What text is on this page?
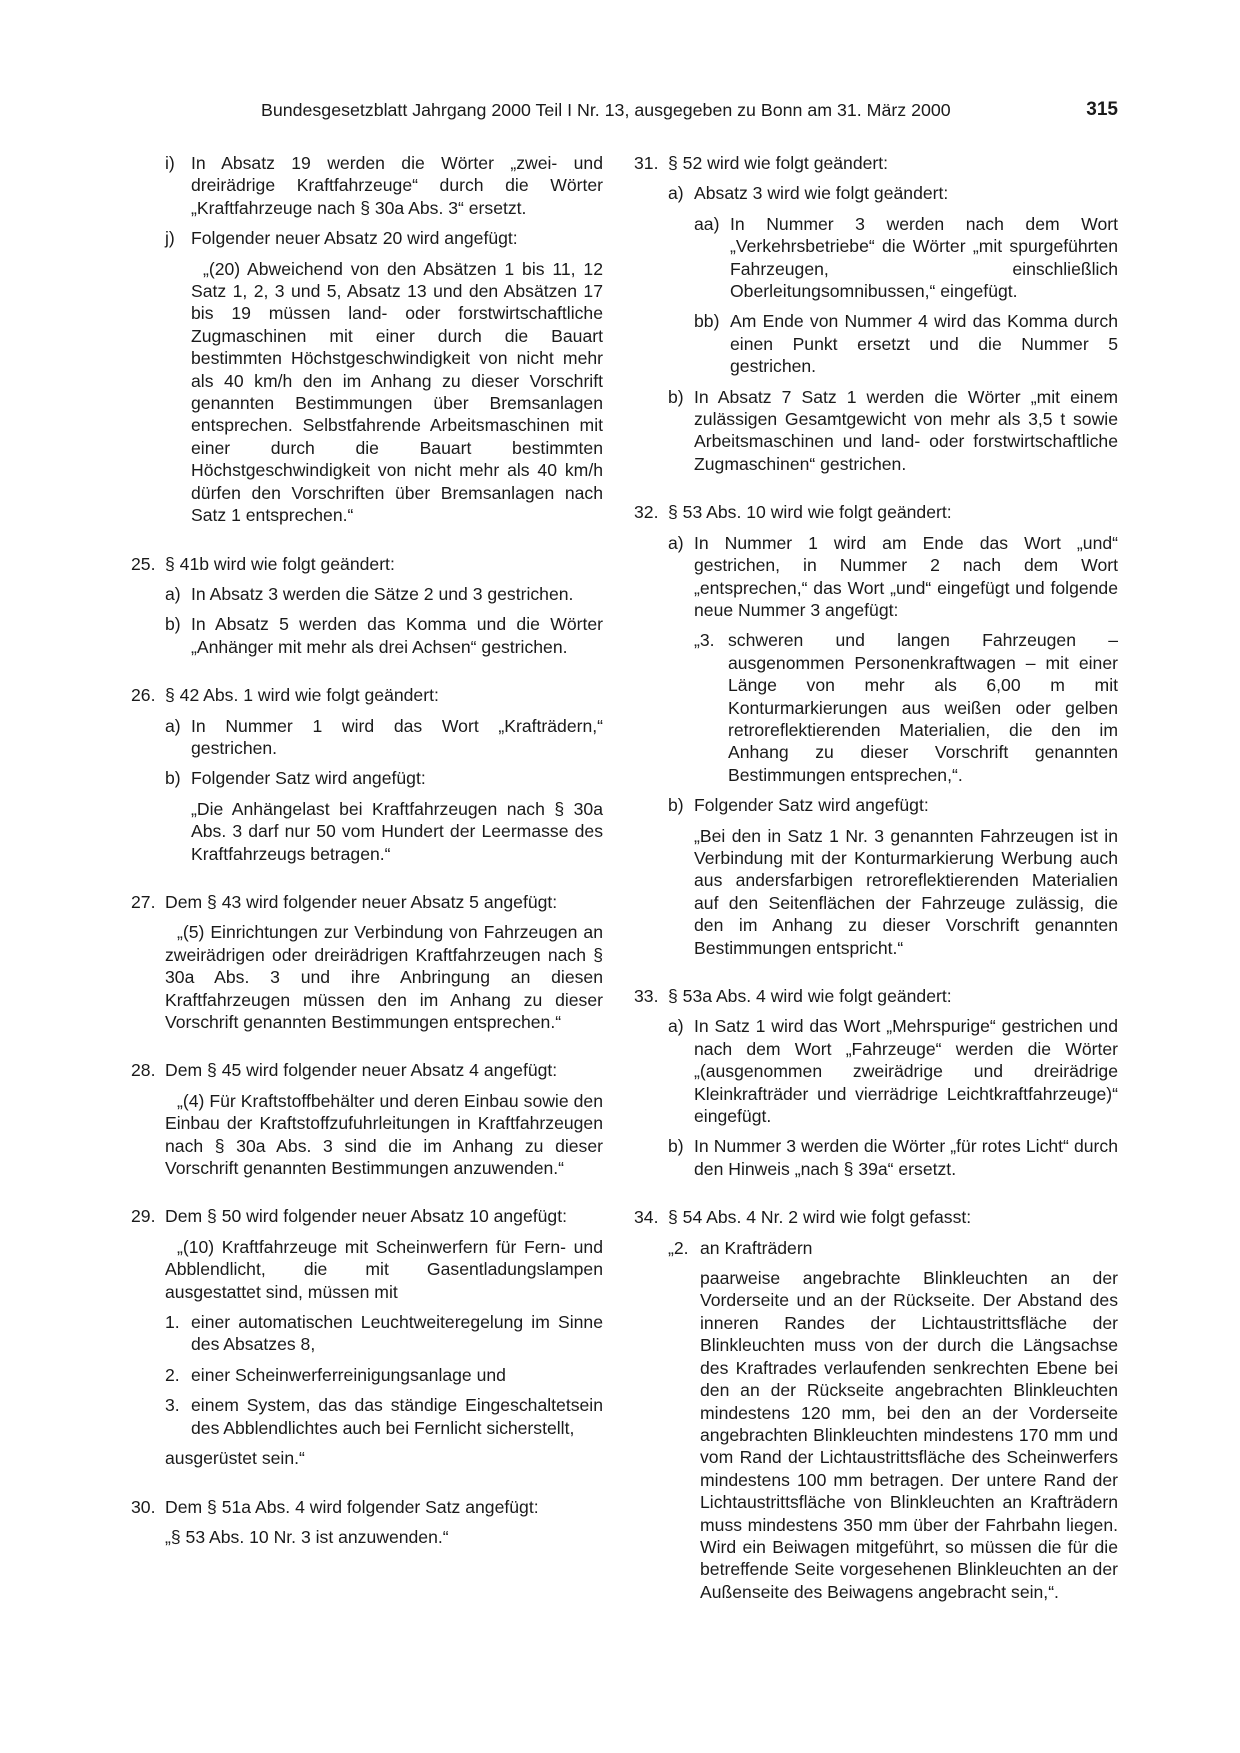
Bundesgesetzblatt Jahrgang 2000 Teil I Nr. 13, ausgegeben zu Bonn am 31. März 2000	315
i) In Absatz 19 werden die Wörter „zwei- und dreirädrige Kraftfahrzeuge“ durch die Wörter „Kraftfahrzeuge nach § 30a Abs. 3“ ersetzt.
j) Folgender neuer Absatz 20 wird angefügt:

„(20) Abweichend von den Absätzen 1 bis 11, 12 Satz 1, 2, 3 und 5, Absatz 13 und den Absätzen 17 bis 19 müssen land- oder forstwirtschaftliche Zugmaschinen mit einer durch die Bauart bestimmten Höchstgeschwindigkeit von nicht mehr als 40 km/h den im Anhang zu dieser Vorschrift genannten Bestimmungen über Bremsanlagen entsprechen. Selbstfahrende Arbeitsmaschinen mit einer durch die Bauart bestimmten Höchstgeschwindigkeit von nicht mehr als 40 km/h dürfen den Vorschriften über Bremsanlagen nach Satz 1 entsprechen.“

25. § 41b wird wie folgt geändert:
a) In Absatz 3 werden die Sätze 2 und 3 gestrichen.
b) In Absatz 5 werden das Komma und die Wörter „Anhänger mit mehr als drei Achsen“ gestrichen.
26. § 42 Abs. 1 wird wie folgt geändert:
a) In Nummer 1 wird das Wort „Krafträdern,“ gestrichen.
b) Folgender Satz wird angefügt:

„Die Anhängelast bei Kraftfahrzeugen nach § 30a Abs. 3 darf nur 50 vom Hundert der Leermasse des Kraftfahrzeugs betragen.“

27. Dem § 43 wird folgender neuer Absatz 5 angefügt:

„(5) Einrichtungen zur Verbindung von Fahrzeugen an zweirädrigen oder dreirädrigen Kraftfahrzeugen nach § 30a Abs. 3 und ihre Anbringung an diesen Kraftfahrzeugen müssen den im Anhang zu dieser Vorschrift genannten Bestimmungen entsprechen.“

28. Dem § 45 wird folgender neuer Absatz 4 angefügt:

„(4) Für Kraftstoffbehälter und deren Einbau sowie den Einbau der Kraftstoffzufuhrleitungen in Kraftfahrzeugen nach § 30a Abs. 3 sind die im Anhang zu dieser Vorschrift genannten Bestimmungen anzuwenden.“

29. Dem § 50 wird folgender neuer Absatz 10 angefügt:

„(10) Kraftfahrzeuge mit Scheinwerfern für Fern- und Abblendlicht, die mit Gasentladungslampen ausgestattet sind, müssen mit

1. einer automatischen Leuchtweiteregelung im Sinne des Absatzes 8,
2. einer Scheinwerferreinigungsanlage und
3. einem System, das das ständige Eingeschaltetsein des Abblendlichtes auch bei Fernlicht sicherstellt,

ausgerüstet sein.“

30. Dem § 51a Abs. 4 wird folgender Satz angefügt:

„§ 53 Abs. 10 Nr. 3 ist anzuwenden.“

31. § 52 wird wie folgt geändert:
a) Absatz 3 wird wie folgt geändert:
aa) In Nummer 3 werden nach dem Wort „Verkehrsbetriebe“ die Wörter „mit spurgeführten Fahrzeugen, einschließlich Oberleitungsomnibussen,“ eingefügt.
bb) Am Ende von Nummer 4 wird das Komma durch einen Punkt ersetzt und die Nummer 5 gestrichen.
b) In Absatz 7 Satz 1 werden die Wörter „mit einem zulässigen Gesamtgewicht von mehr als 3,5 t sowie Arbeitsmaschinen und land- oder forstwirtschaftliche Zugmaschinen“ gestrichen.
32. § 53 Abs. 10 wird wie folgt geändert:
a) In Nummer 1 wird am Ende das Wort „und“ gestrichen, in Nummer 2 nach dem Wort „entsprechen,“ das Wort „und“ eingefügt und folgende neue Nummer 3 angefügt:
„3. schweren und langen Fahrzeugen – ausgenommen Personenkraftwagen – mit einer Länge von mehr als 6,00 m mit Konturmarkierungen aus weißen oder gelben retroreflektierenden Materialien, die den im Anhang zu dieser Vorschrift genannten Bestimmungen entsprechen,“.
b) Folgender Satz wird angefügt:

„Bei den in Satz 1 Nr. 3 genannten Fahrzeugen ist in Verbindung mit der Konturmarkierung Werbung auch aus andersfarbigen retroreflektierenden Materialien auf den Seitenflächen der Fahrzeuge zulässig, die den im Anhang zu dieser Vorschrift genannten Bestimmungen entspricht.“

33. § 53a Abs. 4 wird wie folgt geändert:
a) In Satz 1 wird das Wort „Mehrspurige“ gestrichen und nach dem Wort „Fahrzeuge“ werden die Wörter „(ausgenommen zweirädrige und dreirädrige Kleinkrafträder und vierrädrige Leichtkraftfahrzeuge)“ eingefügt.
b) In Nummer 3 werden die Wörter „für rotes Licht“ durch den Hinweis „nach § 39a“ ersetzt.
34. § 54 Abs. 4 Nr. 2 wird wie folgt gefasst:
„2. an Krafträdern

paarweise angebrachte Blinkleuchten an der Vorderseite und an der Rückseite. Der Abstand des inneren Randes der Lichtaustrittsfläche der Blinkleuchten muss von der durch die Längsachse des Kraftrades verlaufenden senkrechten Ebene bei den an der Rückseite angebrachten Blinkleuchten mindestens 120 mm, bei den an der Vorderseite angebrachten Blinkleuchten mindestens 170 mm und vom Rand der Lichtaustrittsfläche des Scheinwerfers mindestens 100 mm betragen. Der untere Rand der Lichtaustrittsfläche von Blinkleuchten an Krafträdern muss mindestens 350 mm über der Fahrbahn liegen. Wird ein Beiwagen mitgeführt, so müssen die für die betreffende Seite vorgesehenen Blinkleuchten an der Außenseite des Beiwagens angebracht sein,“.
